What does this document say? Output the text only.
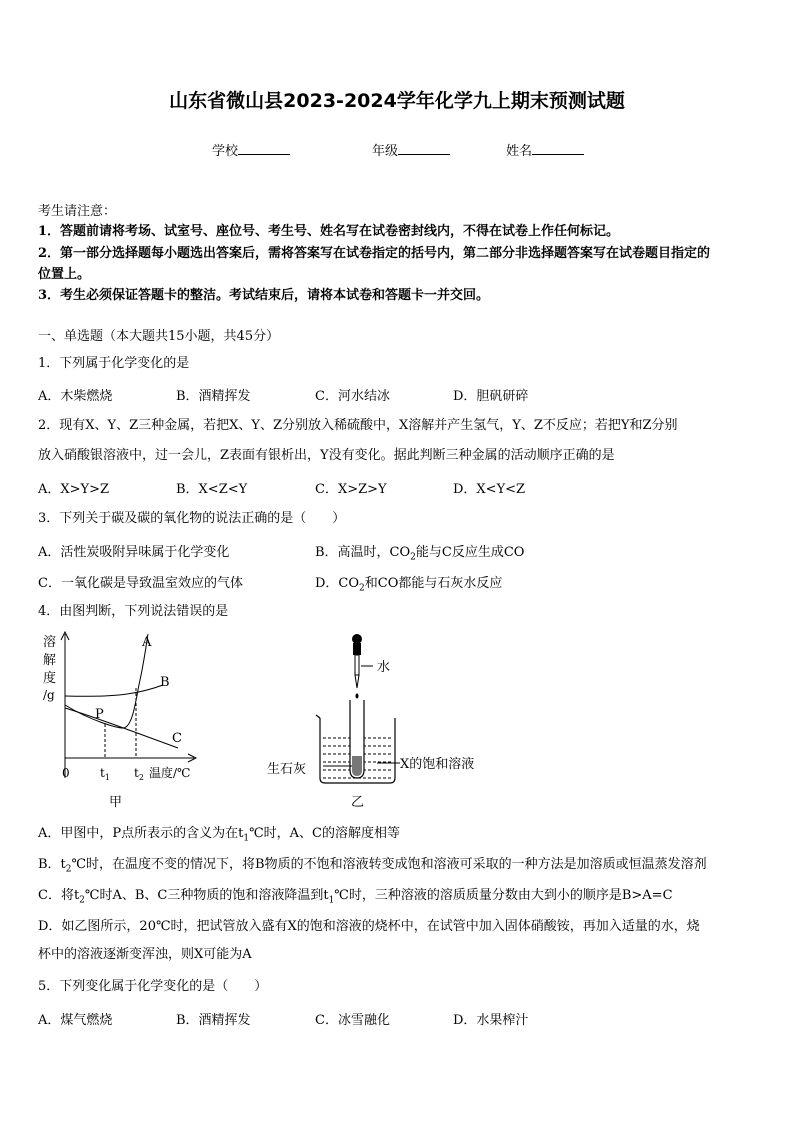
山东省微山县2023-2024学年化学九上期末预测试题
学校	年级	姓名
考生请注意：
1．答题前请将考场、试室号、座位号、考生号、姓名写在试卷密封线内，不得在试卷上作任何标记。
2．第一部分选择题每小题选出答案后，需将答案写在试卷指定的括号内，第二部分非选择题答案写在试卷题目指定的
位置上。
3．考生必须保证答题卡的整洁。考试结束后，请将本试卷和答题卡一并交回。
一、单选题（本大题共15小题，共45分）
1．下列属于化学变化的是
A．木柴燃烧	B．酒精挥发	C．河水结冰	D．胆矾研碎
2．现有X、Y、Z三种金属，若把X、Y、Z分别放入稀硫酸中，X溶解并产生氢气，Y、Z不反应；若把Y和Z分别
放入硝酸银溶液中，过一会儿，Z表面有银析出，Y没有变化。据此判断三种金属的活动顺序正确的是
A．X>Y>Z	B．X<Z<Y	C．X>Z>Y	D．X<Y<Z
3．下列关于碳及碳的氧化物的说法正确的是（　　）
A．活性炭吸附异味属于化学变化	B．高温时，$CO_2$能与C反应生成CO
C．一氧化碳是导致温室效应的气体	D．$CO_2$和CO都能与石灰水反应
4．由图判断，下列说法错误的是
溶
解
度
/g
A
B
C
P
0	$t_1$ $t_2$ 温度/℃
甲
水
生石灰	X的饱和溶液
乙
A．甲图中，P点所表示的含义为在$t_1℃$时，A、C的溶解度相等
B．$t_2℃$时，在温度不变的情况下，将B物质的不饱和溶液转变成饱和溶液可采取的一种方法是加溶质或恒温蒸发溶剂
C．将$t_2℃$时A、B、C三种物质的饱和溶液降温到$t_1℃$时，三种溶液的溶质质量分数由大到小的顺序是B>A=C
D．如乙图所示，20℃时，把试管放入盛有X的饱和溶液的烧杯中，在试管中加入固体硝酸铵，再加入适量的水，烧
杯中的溶液逐渐变浑浊，则X可能为A
5．下列变化属于化学变化的是（　　）
A．煤气燃烧	B．酒精挥发	C．冰雪融化	D．水果榨汁
